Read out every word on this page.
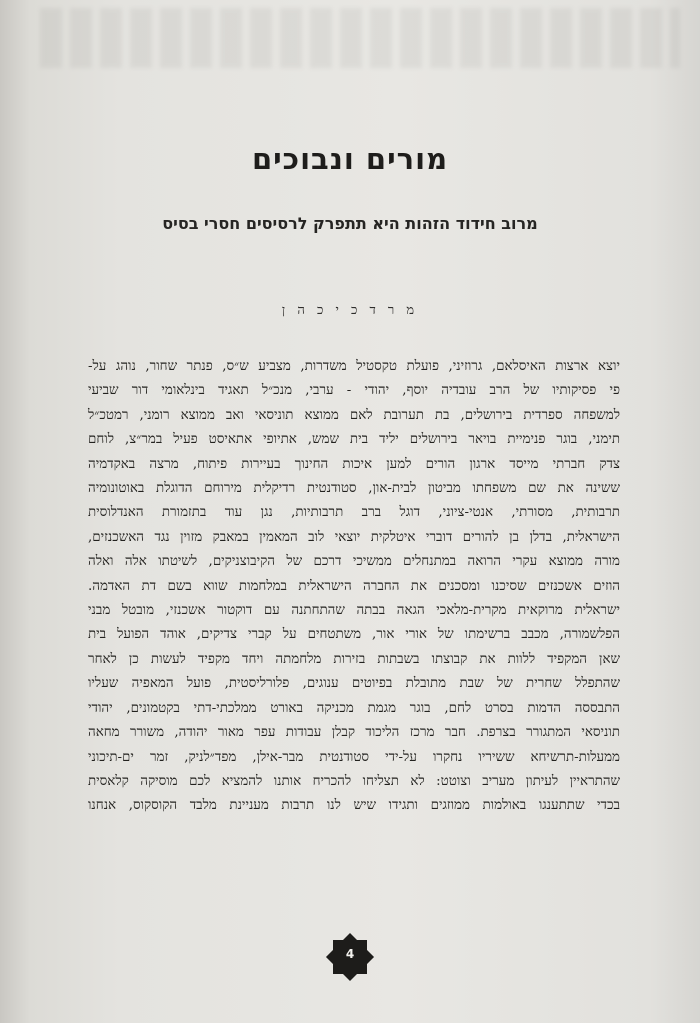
מורים ונבוכים
מרוב חידוד הזהות היא תתפרק לרסיסים חסרי בסיס
מ ר ד כ י כ ה ן
יוצא ארצות האיסלאם, גרוזיני, פועלת טקסטיל משדרות, מצביע ש״ס, פנתר שחור, נוהג על-
פי פסיקותיו של הרב עובדיה יוסף, יהודי - ערבי, מנכ״ל תאגיד בינלאומי דור שביעי
למשפחה ספרדית בירושלים, בת תערובת לאם ממוצא תוניסאי ואב ממוצא רומני, רמטכ״ל
תימני, בוגר פנימיית בויאר בירושלים יליד בית שמש, אתיופי אתאיסט פעיל במר״צ, לוחם
צדק חברתי מייסד ארגון הורים למען איכות החינוך בעיירות פיתוח, מרצה באקדמיה
ששינה את שם משפחתו מביטון לבית-און, סטודנטית רדיקלית מירוחם הדוגלת באוטונומיה
תרבותית, מסורתי, אנטי-ציוני, דוגל ברב תרבותיות, נגן עוד בתזמורת האנדלוסית
הישראלית, בדלן בן להורים דוברי איטלקית יוצאי לוב המאמין במאבק מזוין נגד האשכנזים,
מורה ממוצא עקרי הרואה במתנחלים ממשיכי דרכם של הקיבוצניקים, לשיטתו אלה ואלה
הוזים אשכנזים שסיכנו ומסכנים את החברה הישראלית במלחמות שווא בשם דת האדמה.
ישראלית מרוקאית מקרית-מלאכי הגאה בבתה שהתחתנה עם דוקטור אשכנזי, מובטל מבני
הפלשמורה, מכבב ברשימתו של אורי אור, משתטחים על קברי צדיקים, אוהד הפועל בית
שאן המקפיד ללוות את קבוצתו בשבתות בזירות מלחמתה ויחד מקפיד לעשות כן לאחר
שהתפלל שחרית של שבת מתובלת בפיוטים ענוגים, פלורליסטית, פועל המאפיה שעליו
התבססה הדמות בסרט לחם, בוגר מגמת מכניקה באורט ממלכתי-דתי בקטמונים, יהודי
תוניסאי המתגורר בצרפת. חבר מרכז הליכוד קבלן עבודות עפר מאור יהודה, משורר מחאה
ממעלות-תרשיחא ששיריו נחקרו על-ידי סטודנטית מבר-אילן, מפד״לניק, זמר ים-תיכוני
שהתראיין לעיתון מעריב וצוטט: לא תצליחו להכריח אותנו להמציא לכם מוסיקה קלאסית
בכדי שתתענגו באולמות ממוזגים ותגידו שיש לנו תרבות מעניינת מלבד הקוסקוס, אנחנו
4
